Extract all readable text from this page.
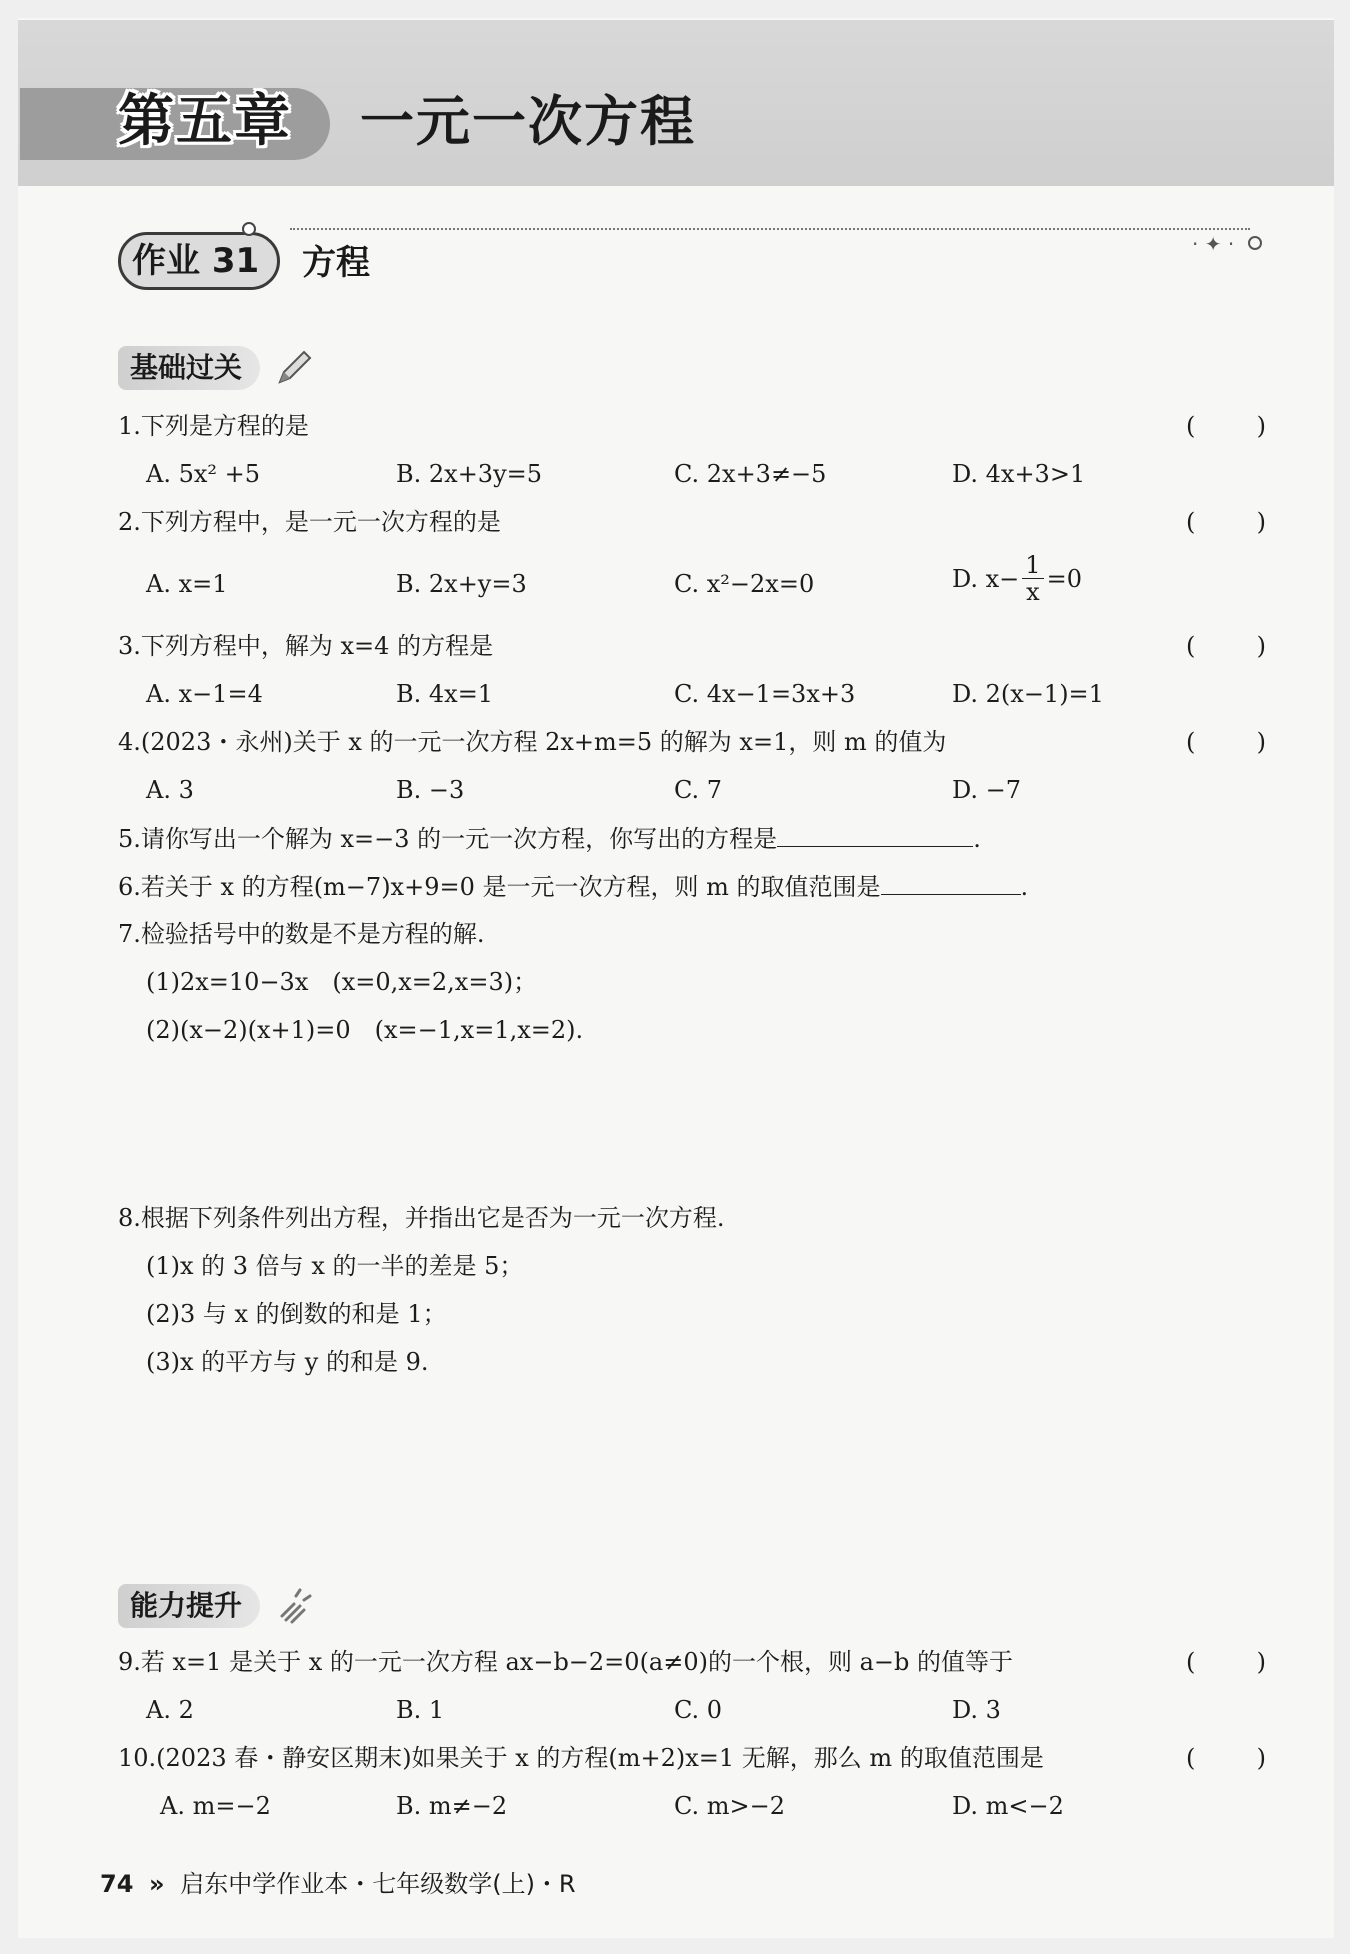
第五章	一元一次方程
作业 31 方程	· ✦ ·
基础过关
1.下列是方程的是	(	)
A. 5x² +5	B. 2x+3y=5	C. 2x+3≠−5	D. 4x+3>1
2.下列方程中，是一元一次方程的是	(	)
A. x=1	B. 2x+y=3	C. x²−2x=0	D. $x- \frac{1}{x} =0$
3.下列方程中，解为 x=4 的方程是	(	)
A. x−1=4	B. 4x=1	C. 4x−1=3x+3	D. 2(x−1)=1
4.(2023・永州)关于 x 的一元一次方程 2x+m=5 的解为 x=1，则 m 的值为	(	)
A. 3	B. −3	C. 7	D. −7
5.请你写出一个解为 x=−3 的一元一次方程，你写出的方程是	.
6.若关于 x 的方程(m−7)x+9=0 是一元一次方程，则 m 的取值范围是	.
7.检验括号中的数是不是方程的解.
(1)2x=10−3x　(x=0,x=2,x=3)；
(2)(x−2)(x+1)=0　(x=−1,x=1,x=2).
8.根据下列条件列出方程，并指出它是否为一元一次方程.
(1)x 的 3 倍与 x 的一半的差是 5；
(2)3 与 x 的倒数的和是 1；
(3)x 的平方与 y 的和是 9.
能力提升
9.若 x=1 是关于 x 的一元一次方程 ax−b−2=0(a≠0)的一个根，则 a−b 的值等于	(	)
A. 2	B. 1	C. 0	D. 3
10.(2023 春・静安区期末)如果关于 x 的方程(m+2)x=1 无解，那么 m 的取值范围是	(	)
A. m=−2	B. m≠−2	C. m>−2	D. m<−2
74 » 启东中学作业本・七年级数学(上)・R
